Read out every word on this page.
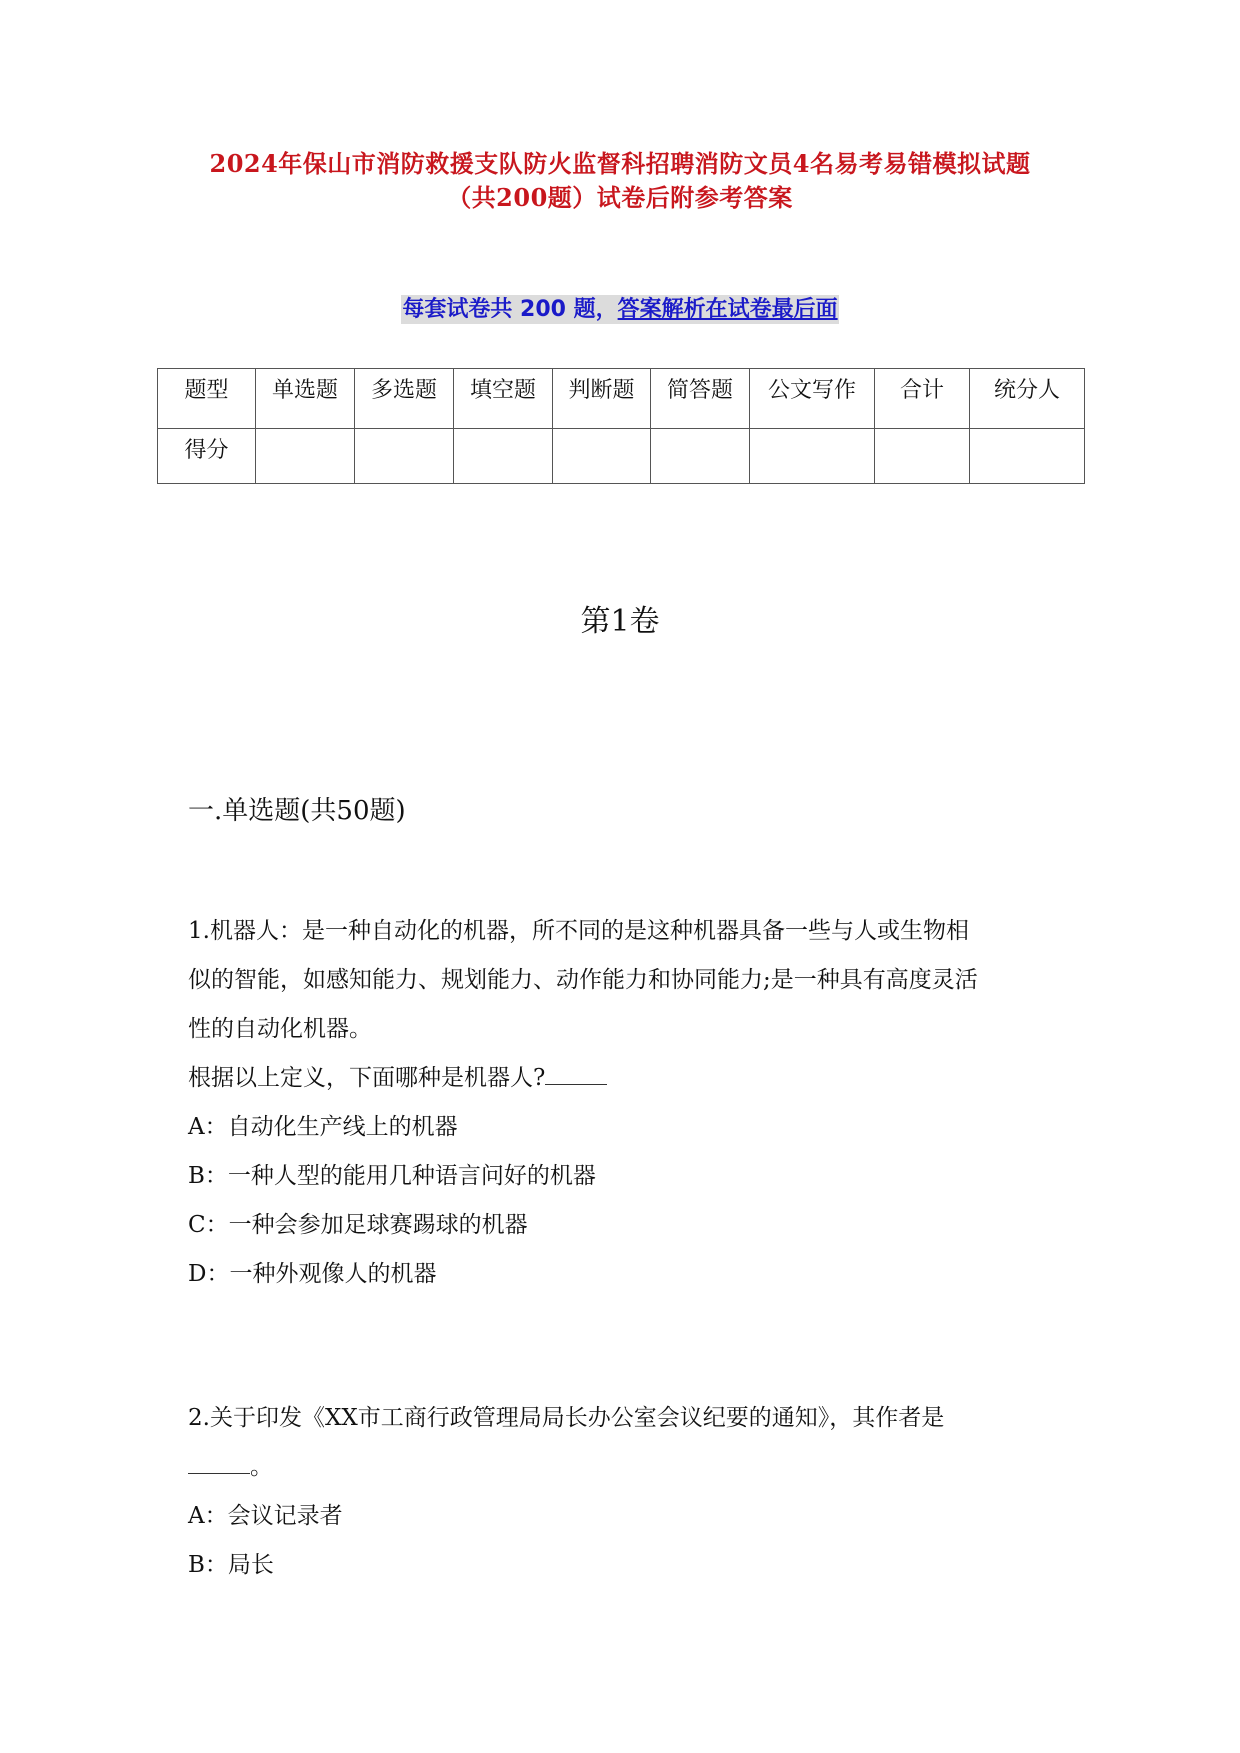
2024年保山市消防救援支队防火监督科招聘消防文员4名易考易错模拟试题
（共200题）试卷后附参考答案
每套试卷共 200 题，答案解析在试卷最后面
题型	单选题	多选题	填空题	判断题	简答题	公文写作	合计	统分人
得分								
第1卷
一.单选题(共50题)

1.机器人：是一种自动化的机器，所不同的是这种机器具备一些与人或生物相

似的智能，如感知能力、规划能力、动作能力和协同能力;是一种具有高度灵活

性的自动化机器。

根据以上定义，下面哪种是机器人?

A：自动化生产线上的机器

B：一种人型的能用几种语言问好的机器

C：一种会参加足球赛踢球的机器

D：一种外观像人的机器

2.关于印发《XX市工商行政管理局局长办公室会议纪要的通知》，其作者是

。

A：会议记录者

B：局长
